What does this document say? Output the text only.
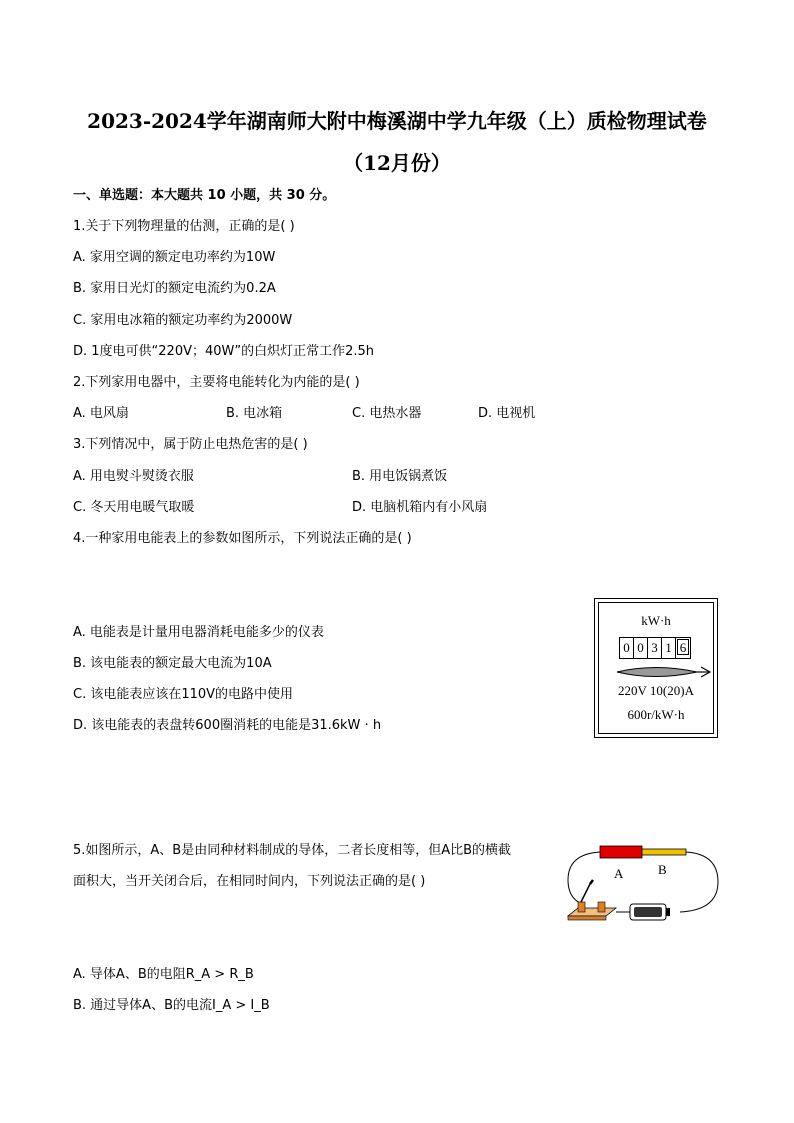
2023-2024学年湖南师大附中梅溪湖中学九年级（上）质检物理试卷
（12月份）
一、单选题：本大题共 10 小题，共 30 分。
1.关于下列物理量的估测，正确的是( )
A. 家用空调的额定电功率约为10W
B. 家用日光灯的额定电流约为0.2A
C. 家用电冰箱的额定功率约为2000W
D. 1度电可供“220V；40W”的白炽灯正常工作2.5h
2.下列家用电器中，主要将电能转化为内能的是( )
A. 电风扇	B. 电冰箱	C. 电热水器	D. 电视机
3.下列情况中，属于防止电热危害的是( )
A. 用电熨斗熨烫衣服	B. 用电饭锅煮饭
C. 冬天用电暖气取暖	D. 电脑机箱内有小风扇
4.一种家用电能表上的参数如图所示，下列说法正确的是( )
A. 电能表是计量用电器消耗电能多少的仪表
B. 该电能表的额定最大电流为10A
C. 该电能表应该在110V的电路中使用
D. 该电能表的表盘转600圈消耗的电能是31.6kW · h
kW·h
0 0 3 1 6
220V 10(20)A
600r/kW·h
5.如图所示，A、B是由同种材料制成的导体，二者长度相等，但A比B的横截
面积大，当开关闭合后，在相同时间内，下列说法正确的是( )
A. 导体A、B的电阻R_A > R_B
B. 通过导体A、B的电流I_A > I_B
A	B
